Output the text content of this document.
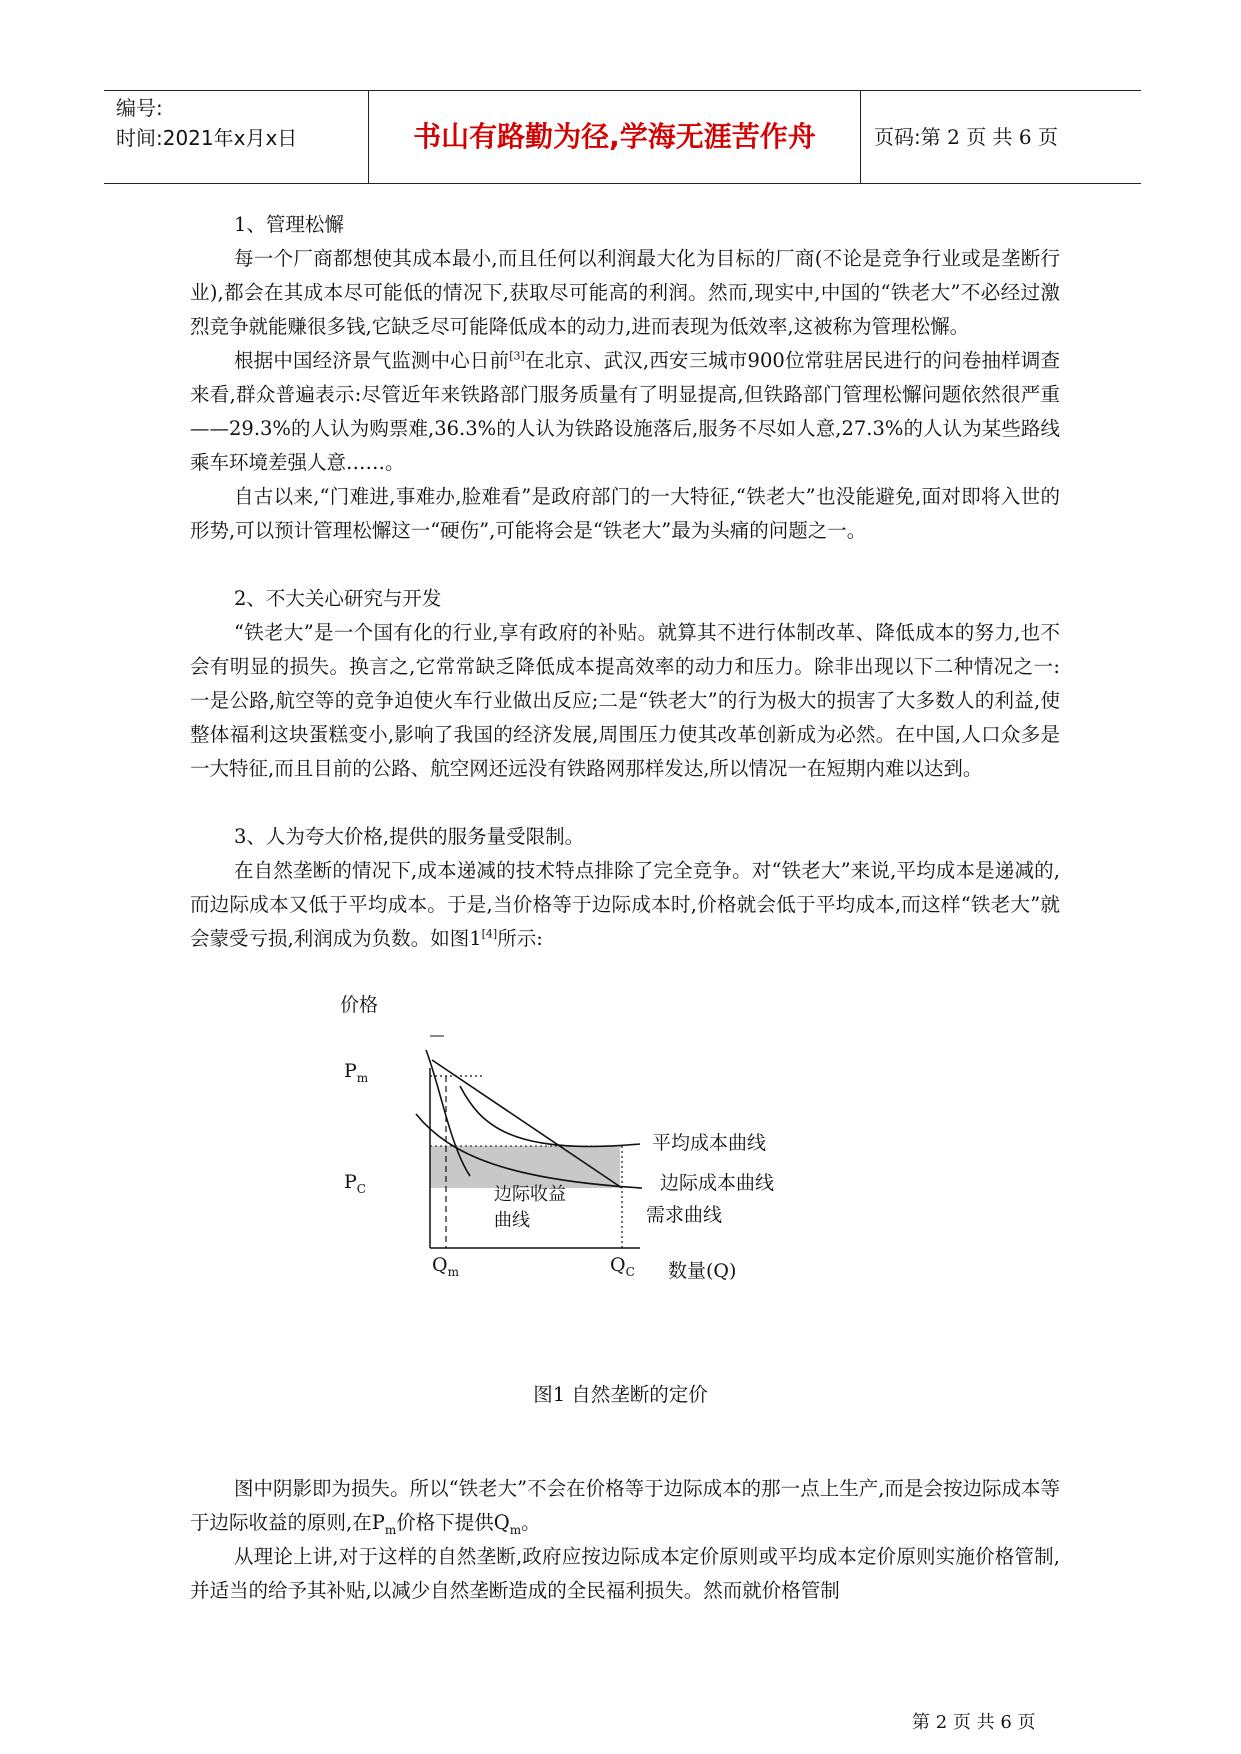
编号:
时间:2021年x月x日	书山有路勤为径,学海无涯苦作舟	页码:第 2 页 共 6 页
1、管理松懈

每一个厂商都想使其成本最小,而且任何以利润最大化为目标的厂商(不论是竞争行业或是垄断行业),都会在其成本尽可能低的情况下,获取尽可能高的利润。然而,现实中,中国的“铁老大”不必经过激烈竞争就能赚很多钱,它缺乏尽可能降低成本的动力,进而表现为低效率,这被称为管理松懈。

根据中国经济景气监测中心日前[3]在北京、武汉,西安三城市900位常驻居民进行的问卷抽样调查来看,群众普遍表示:尽管近年来铁路部门服务质量有了明显提高,但铁路部门管理松懈问题依然很严重——29.3%的人认为购票难,36.3%的人认为铁路设施落后,服务不尽如人意,27.3%的人认为某些路线乘车环境差强人意……。

自古以来,“门难进,事难办,脸难看”是政府部门的一大特征,“铁老大”也没能避免,面对即将入世的形势,可以预计管理松懈这一“硬伤”,可能将会是“铁老大”最为头痛的问题之一。

2、不大关心研究与开发

“铁老大”是一个国有化的行业,享有政府的补贴。就算其不进行体制改革、降低成本的努力,也不会有明显的损失。换言之,它常常缺乏降低成本提高效率的动力和压力。除非出现以下二种情况之一:一是公路,航空等的竞争迫使火车行业做出反应;二是“铁老大”的行为极大的损害了大多数人的利益,使整体福利这块蛋糕变小,影响了我国的经济发展,周围压力使其改革创新成为必然。在中国,人口众多是一大特征,而且目前的公路、航空网还远没有铁路网那样发达,所以情况一在短期内难以达到。

3、人为夸大价格,提供的服务量受限制。

在自然垄断的情况下,成本递减的技术特点排除了完全竞争。对“铁老大”来说,平均成本是递减的,而边际成本又低于平均成本。于是,当价格等于边际成本时,价格就会低于平均成本,而这样“铁老大”就会蒙受亏损,利润成为负数。如图1[4]所示:

价格
$P_m$
$P_C$
$Q_m$	$Q_C$ 数量(Q)
平均成本曲线
边际成本曲线
需求曲线
边际收益
曲线
图1 自然垄断的定价

图中阴影即为损失。所以“铁老大”不会在价格等于边际成本的那一点上生产,而是会按边际成本等于边际收益的原则,在$P_m$价格下提供$Q_m$。

从理论上讲,对于这样的自然垄断,政府应按边际成本定价原则或平均成本定价原则实施价格管制,并适当的给予其补贴,以减少自然垄断造成的全民福利损失。然而就价格管制

第 2 页 共 6 页
